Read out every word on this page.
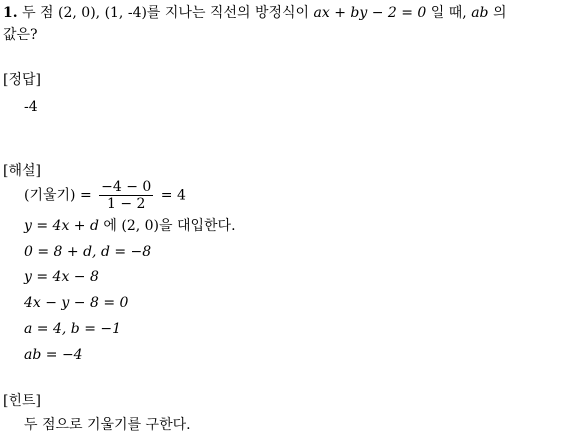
1. 두 점 (2, 0), (1, -4)를 지나는 직선의 방정식이 ax + by − 2 = 0 일 때, ab 의
값은?
[정답]
-4
[해설]
(기울기) = $\frac{-4 - 0}{1 - 2} = 4$
y = 4x + d 에 (2, 0)을 대입한다.
0 = 8 + d, d = −8
y = 4x − 8
4x − y − 8 = 0
a = 4, b = −1
ab = −4
[힌트]
두 점으로 기울기를 구한다.
